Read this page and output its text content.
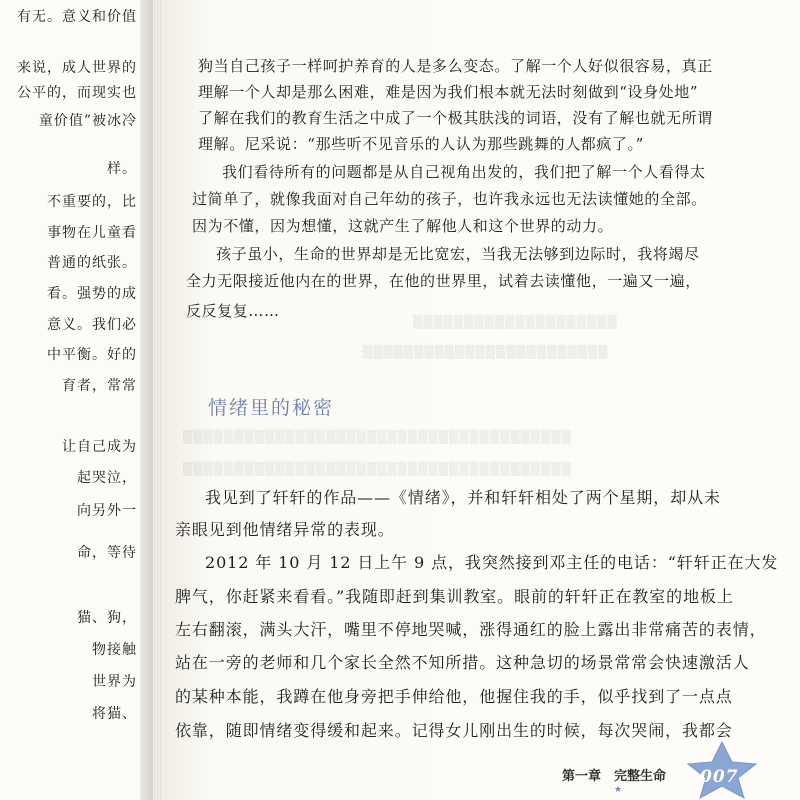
有无。意义和价值
来说，成人世界的
公平的，而现实也
童价值”被冰冷
样。
不重要的，比
事物在儿童看
普通的纸张。
看。强势的成
意义。我们必
中平衡。好的
育者，常常
让自己成为
起哭泣，
向另外一
命，等待
猫、狗，
物接触
世界为
将猫、
▒▒▒▒▒▒▒▒▒▒▒▒▒▒▒▒▒▒▒▒
▒▒▒▒▒▒▒▒▒▒▒▒▒▒▒▒▒▒▒▒▒▒▒▒
▒▒▒▒▒▒▒▒▒▒▒▒▒▒▒▒▒▒▒▒▒▒▒▒▒▒▒▒▒▒▒▒▒▒▒▒▒▒
▒▒▒▒▒▒▒▒▒▒▒▒▒▒▒▒▒▒▒▒▒▒▒▒▒▒▒▒▒▒▒▒▒▒▒▒▒▒
狗当自己孩子一样呵护养育的人是多么变态。了解一个人好似很容易，真正
理解一个人却是那么困难，难是因为我们根本就无法时刻做到“设身处地”
了解在我们的教育生活之中成了一个极其肤浅的词语，没有了解也就无所谓
理解。尼采说：“那些听不见音乐的人认为那些跳舞的人都疯了。”
我们看待所有的问题都是从自己视角出发的，我们把了解一个人看得太
过简单了，就像我面对自己年幼的孩子，也许我永远也无法读懂她的全部。
因为不懂，因为想懂，这就产生了解他人和这个世界的动力。
孩子虽小，生命的世界却是无比宽宏，当我无法够到边际时，我将竭尽
全力无限接近他内在的世界，在他的世界里，试着去读懂他，一遍又一遍，
反反复复……
情绪里的秘密
我见到了轩轩的作品——《情绪》，并和轩轩相处了两个星期，却从未
亲眼见到他情绪异常的表现。
2012 年 10 月 12 日上午 9 点，我突然接到邓主任的电话：“轩轩正在大发
脾气，你赶紧来看看。”我随即赶到集训教室。眼前的轩轩正在教室的地板上
左右翻滚，满头大汗，嘴里不停地哭喊，涨得通红的脸上露出非常痛苦的表情，
站在一旁的老师和几个家长全然不知所措。这种急切的场景常常会快速激活人
的某种本能，我蹲在他身旁把手伸给他，他握住我的手，似乎找到了一点点
依靠，随即情绪变得缓和起来。记得女儿刚出生的时候，每次哭闹，我都会
第一章　完整生命
★
007
